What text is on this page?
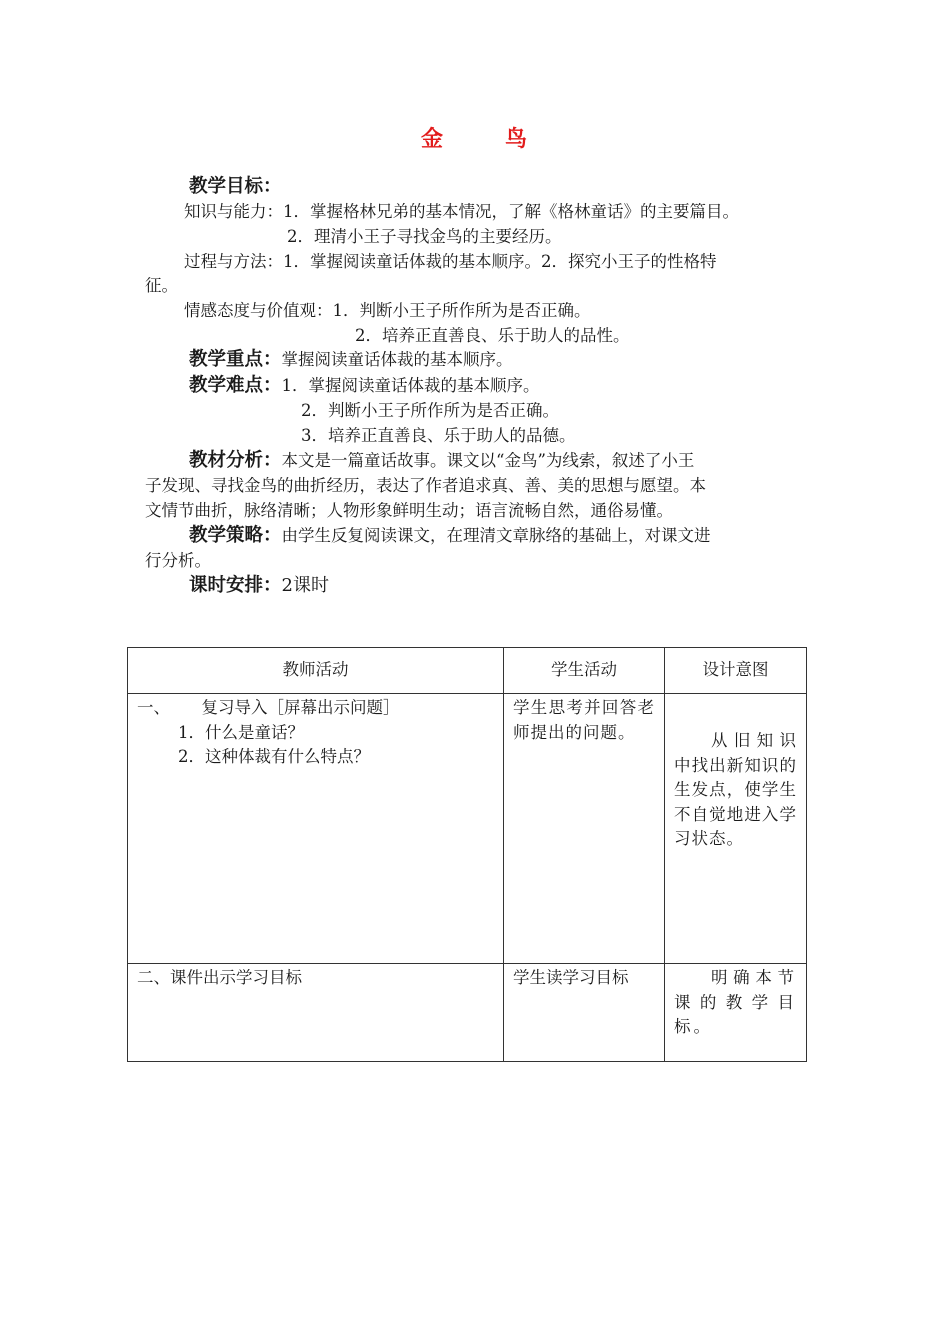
金	鸟
教学目标：
知识与能力：1．掌握格林兄弟的基本情况，了解《格林童话》的主要篇目。
2．理清小王子寻找金鸟的主要经历。
过程与方法：1．掌握阅读童话体裁的基本顺序。2．探究小王子的性格特
征。
情感态度与价值观：1．判断小王子所作所为是否正确。
2．培养正直善良、乐于助人的品性。
教学重点：掌握阅读童话体裁的基本顺序。
教学难点：1．掌握阅读童话体裁的基本顺序。
2．判断小王子所作所为是否正确。
3．培养正直善良、乐于助人的品德。
教材分析：本文是一篇童话故事。课文以“金鸟”为线索，叙述了小王
子发现、寻找金鸟的曲折经历，表达了作者追求真、善、美的思想与愿望。本
文情节曲折，脉络清晰；人物形象鲜明生动；语言流畅自然，通俗易懂。
教学策略：由学生反复阅读课文，在理清文章脉络的基础上，对课文进
行分析。
课时安排：2课时
教师活动	学生活动	设计意图

一、      复习导入［屏幕出示问题］
1．什么是童话？
2．这种体裁有什么特点？	学生思考并回答老师提出的问题。	从旧知识中找出新知识的生发点，使学生不自觉地进入学习状态。

二、课件出示学习目标	学生读学习目标	明确本节课的教学目标。
